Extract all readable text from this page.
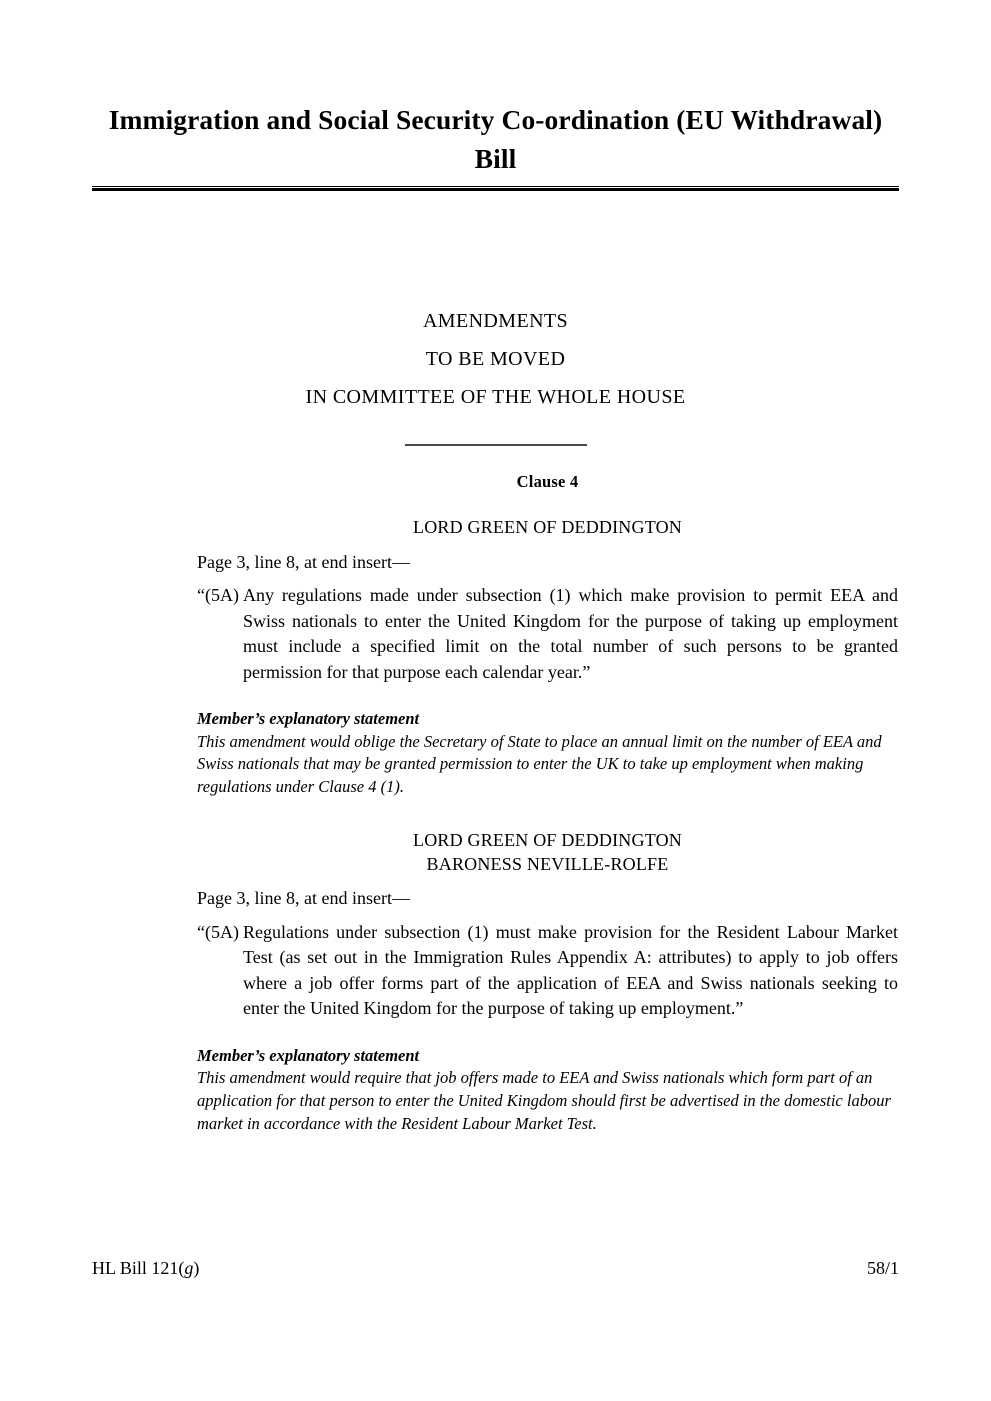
Immigration and Social Security Co-ordination (EU Withdrawal) Bill
AMENDMENTS
TO BE MOVED
IN COMMITTEE OF THE WHOLE HOUSE
Clause 4
LORD GREEN OF DEDDINGTON

Page 3, line 8, at end insert—

“(5A) Any regulations made under subsection (1) which make provision to permit EEA and Swiss nationals to enter the United Kingdom for the purpose of taking up employment must include a specified limit on the total number of such persons to be granted permission for that purpose each calendar year.”

Member’s explanatory statement

This amendment would oblige the Secretary of State to place an annual limit on the number of EEA and Swiss nationals that may be granted permission to enter the UK to take up employment when making regulations under Clause 4 (1).

LORD GREEN OF DEDDINGTON
BARONESS NEVILLE-ROLFE

Page 3, line 8, at end insert—

“(5A) Regulations under subsection (1) must make provision for the Resident Labour Market Test (as set out in the Immigration Rules Appendix A: attributes) to apply to job offers where a job offer forms part of the application of EEA and Swiss nationals seeking to enter the United Kingdom for the purpose of taking up employment.”

Member’s explanatory statement

This amendment would require that job offers made to EEA and Swiss nationals which form part of an application for that person to enter the United Kingdom should first be advertised in the domestic labour market in accordance with the Resident Labour Market Test.

HL Bill 121(g)	58/1
